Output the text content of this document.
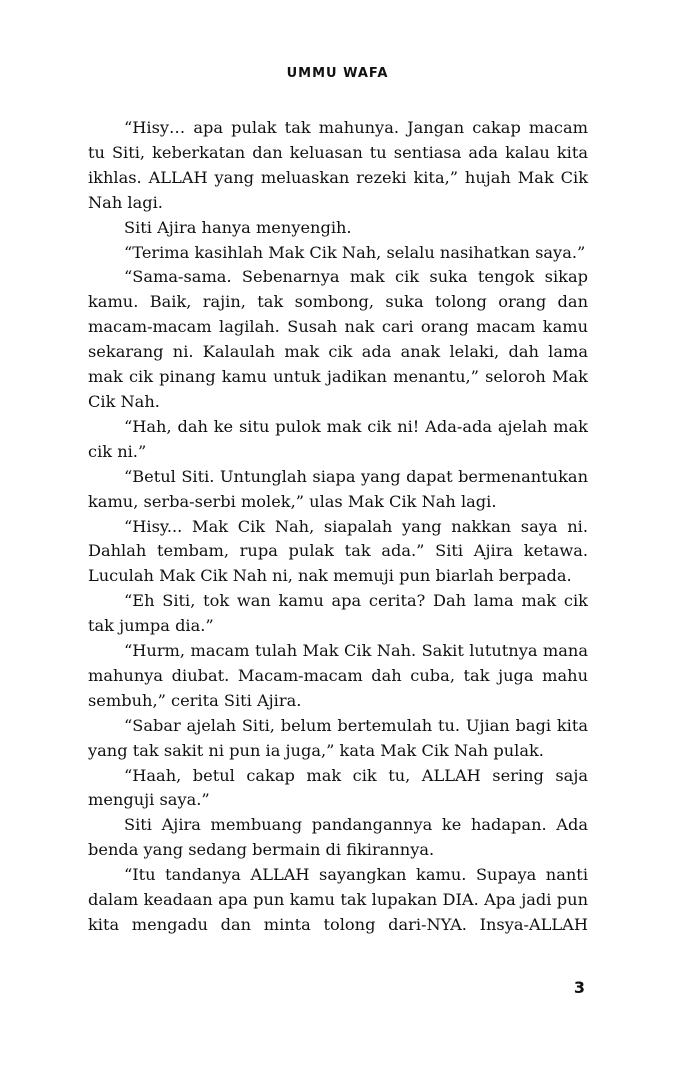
UMMU WAFA

“Hisy… apa pulak tak mahunya. Jangan cakap macam tu Siti, keberkatan dan keluasan tu sentiasa ada kalau kita ikhlas. ALLAH yang meluaskan rezeki kita,” hujah Mak Cik Nah lagi.

Siti Ajira hanya menyengih.

“Terima kasihlah Mak Cik Nah, selalu nasihatkan saya.”

“Sama-sama. Sebenarnya mak cik suka tengok sikap kamu. Baik, rajin, tak sombong, suka tolong orang dan macam-macam lagilah. Susah nak cari orang macam kamu sekarang ni. Kalaulah mak cik ada anak lelaki, dah lama mak cik pinang kamu untuk jadikan menantu,” seloroh Mak Cik Nah.

“Hah, dah ke situ pulok mak cik ni! Ada-ada ajelah mak cik ni.”

“Betul Siti. Untunglah siapa yang dapat bermenantukan kamu, serba-serbi molek,” ulas Mak Cik Nah lagi.

“Hisy... Mak Cik Nah, siapalah yang nakkan saya ni. Dahlah tembam, rupa pulak tak ada.” Siti Ajira ketawa. Luculah Mak Cik Nah ni, nak memuji pun biarlah berpada.

“Eh Siti, tok wan kamu apa cerita? Dah lama mak cik tak jumpa dia.”

“Hurm, macam tulah Mak Cik Nah. Sakit lututnya mana mahunya diubat. Macam-macam dah cuba, tak juga mahu sembuh,” cerita Siti Ajira.

“Sabar ajelah Siti, belum bertemulah tu. Ujian bagi kita yang tak sakit ni pun ia juga,” kata Mak Cik Nah pulak.

“Haah, betul cakap mak cik tu, ALLAH sering saja menguji saya.”

Siti Ajira membuang pandangannya ke hadapan. Ada benda yang sedang bermain di fikirannya.

“Itu tandanya ALLAH sayangkan kamu. Supaya nanti dalam keadaan apa pun kamu tak lupakan DIA. Apa jadi pun kita mengadu dan minta tolong dari-NYA. Insya-ALLAH

3
